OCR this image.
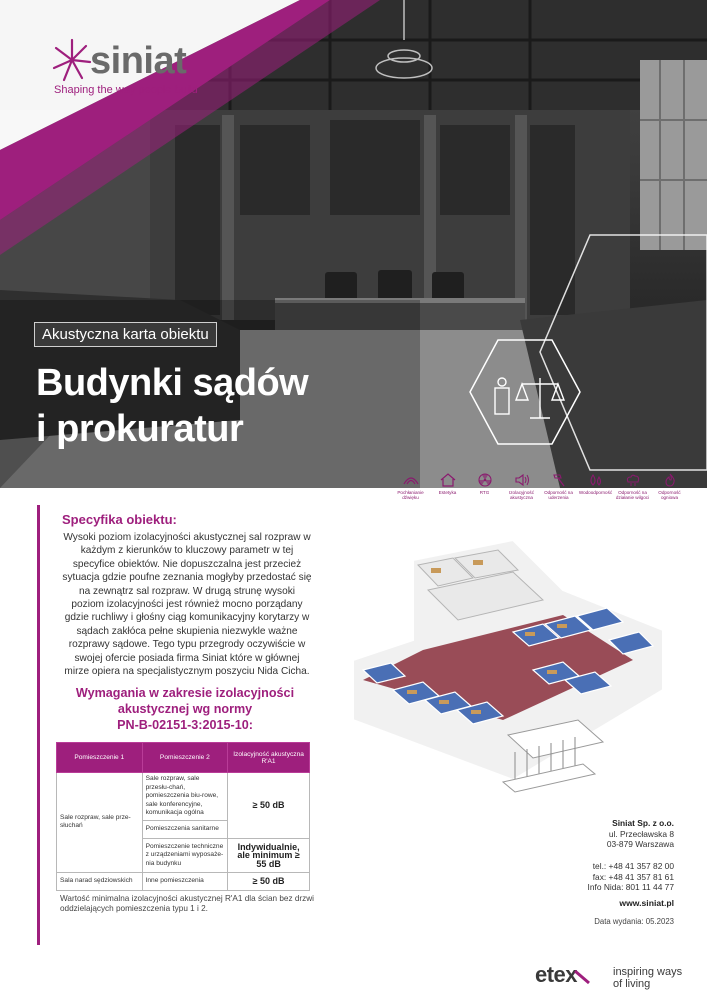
siniat
Shaping the way people build
Akustyczna karta obiektu
Budynki sądów
i prokuratur
Pochłanianie dźwięku
Estetyka	RTG	Izolacyjność akustyczna
Odporność na uderzenia
Wodoodporność	Odporność na działanie wilgoci
Odporność ogniowa
Specyfika obiektu:
Wysoki poziom izolacyjności akustycznej sal rozpraw w każdym z kierunków to kluczowy parametr w tej specyfice obiektów. Nie dopuszczalna jest przecież sytuacja gdzie poufne zeznania mogłyby przedostać się na zewnątrz sal rozpraw. W drugą strunę wysoki poziom izolacyjności jest również mocno porządany gdzie ruchliwy i głośny ciąg komunikacyjny korytarzy w sądach zakłóca pełne skupienia niezwykle ważne rozprawy sądowe. Tego typu przegrody oczywiście w swojej ofercie posiada firma Siniat które w głównej mirze opiera na specjalistycznym poszyciu Nida Cicha.
Wymagania w zakresie izolacyjności
akustycznej wg normy
PN-B-02151-3:2015-10:
Pomieszczenie 1	Pomieszczenie 2	Izolacyjność akustyczna R'A1
Sale rozpraw, sale prze-słuchań	Sale rozpraw, sale przesłu-chań, pomieszczenia biu-rowe, sale konferencyjne, komunikacja ogólna	≥ 50 dB
	Pomieszczenia sanitarne	
	Pomieszczenie techniczne z urządzeniami wyposaże-nia budynku	Indywidualnie, ale minimum ≥ 55 dB
Sala narad sędziowskich	Inne pomieszczenia	≥ 50 dB
Wartość minimalna izolacyjności akustycznej R'A1 dla ścian bez drzwi oddzielających pomieszczenia typu 1 i 2.
Siniat Sp. z o.o.
ul. Przecławska 8
03-879 Warszawa
tel.: +48 41 357 82 00
fax: +48 41 357 81 61
Info Nida: 801 11 44 77
www.siniat.pl
Data wydania: 05.2023
etex	inspiring ways
of living
